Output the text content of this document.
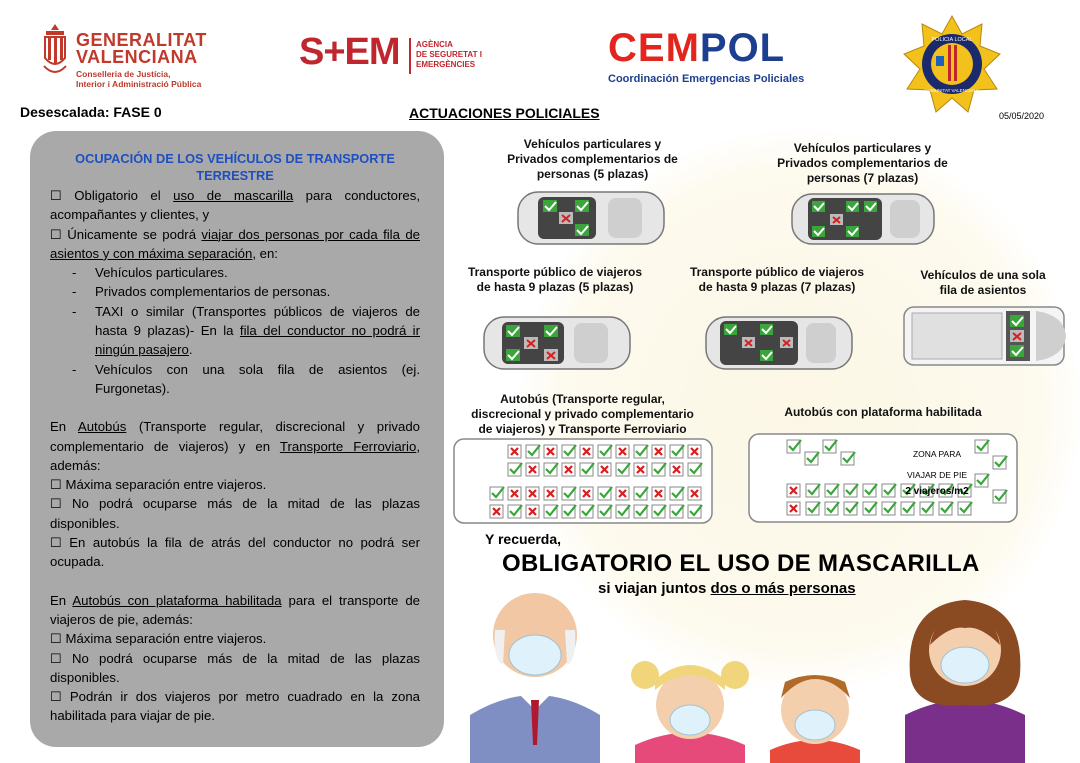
GENERALITAT
VALENCIANA
Conselleria de Justícia,
Interior i Administració Pública
S+EM AGÈNCIA
DE SEGURETAT I
EMERGÈNCIES	CEMPOL
Coordinación Emergencias Policiales
POLICIA LOCAL
COMUNITAT VALENCIANA
Desescalada: FASE 0	ACTUACIONES POLICIALES	05/05/2020
OCUPACIÓN DE LOS VEHÍCULOS DE TRANSPORTE
TERRESTRE

☐ Obligatorio el uso de mascarilla para conductores, acompañantes y clientes, y

☐ Únicamente se podrá viajar dos personas por cada fila de asientos y con máxima separación, en:

-	Vehículos particulares.
-	Privados complementarios de personas.
-	TAXI o similar (Transportes públicos de viajeros de hasta 9 plazas)- En la fila del conductor no podrá ir ningún pasajero.
-	Vehículos con una sola fila de asientos (ej. Furgonetas).

En Autobús (Transporte regular, discrecional y privado complementario de viajeros) y en Transporte Ferroviario, además:

☐ Máxima separación entre viajeros.

☐ No podrá ocuparse más de la mitad de las plazas disponibles.

☐ En autobús la fila de atrás del conductor no podrá ser ocupada.

En Autobús con plataforma habilitada para el transporte de viajeros de pie, además:

☐ Máxima separación entre viajeros.

☐ No podrá ocuparse más de la mitad de las plazas disponibles.

☐ Podrán ir dos viajeros por metro cuadrado en la zona habilitada para viajar de pie.

Vehículos particulares y
Privados complementarios de
personas (5 plazas)
Vehículos particulares y
Privados complementarios de
personas (7 plazas)
Transporte público de viajeros
de hasta 9 plazas (5 plazas)
Transporte público de viajeros
de hasta 9 plazas (7 plazas)
Vehículos de una sola
fila de asientos
Autobús (Transporte regular,
discrecional y privado complementario
de viajeros) y Transporte Ferroviario
Autobús con plataforma habilitada
ZONA PARA
VIAJAR DE PIE
2 viajeros/m2
Y recuerda,
OBLIGATORIO EL USO DE MASCARILLA
si viajan juntos dos o más personas
